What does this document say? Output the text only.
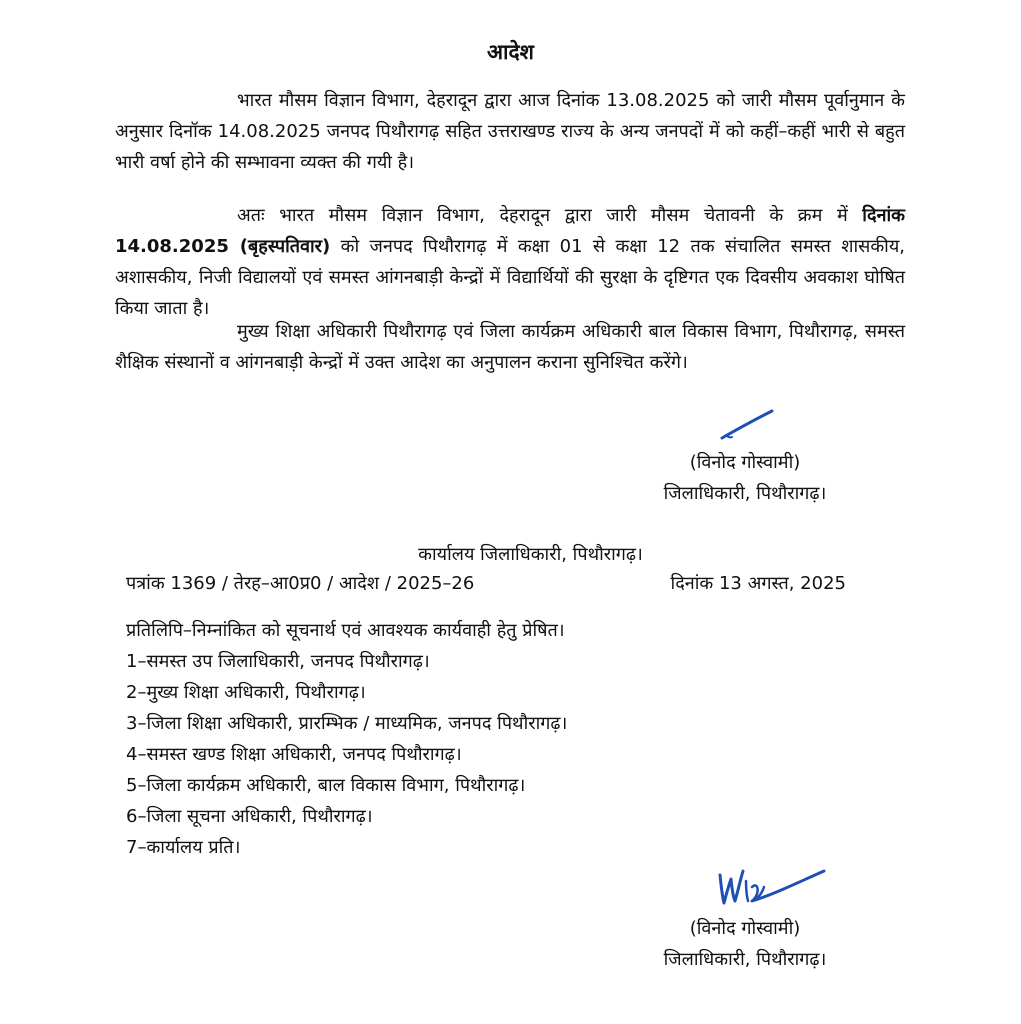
आदेश

भारत मौसम विज्ञान विभाग, देहरादून द्वारा आज दिनांक 13.08.2025 को जारी मौसम पूर्वानुमान के अनुसार दिनॉक 14.08.2025 जनपद पिथौरागढ़ सहित उत्तराखण्ड राज्य के अन्य जनपदों में को कहीं–कहीं भारी से बहुत भारी वर्षा होने की सम्भावना व्यक्त की गयी है।

अतः भारत मौसम विज्ञान विभाग, देहरादून द्वारा जारी मौसम चेतावनी के क्रम में दिनांक 14.08.2025 (बृहस्पतिवार) को जनपद पिथौरागढ़ में कक्षा 01 से कक्षा 12 तक संचालित समस्त शासकीय, अशासकीय, निजी विद्यालयों एवं समस्त आंगनबाड़ी केन्द्रों में विद्यार्थियों की सुरक्षा के दृष्टिगत एक दिवसीय अवकाश घोषित किया जाता है।

मुख्य शिक्षा अधिकारी पिथौरागढ़ एवं जिला कार्यक्रम अधिकारी बाल विकास विभाग, पिथौरागढ़, समस्त शैक्षिक संस्थानों व आंगनबाड़ी केन्द्रों में उक्त आदेश का अनुपालन कराना सुनिश्चित करेंगे।

(विनोद गोस्वामी)
जिलाधिकारी, पिथौरागढ़।
कार्यालय जिलाधिकारी, पिथौरागढ़।
पत्रांक 1369 / तेरह–आ0प्र0 / आदेश / 2025–26	दिनांक 13 अगस्त, 2025
प्रतिलिपि–निम्नांकित को सूचनार्थ एवं आवश्यक कार्यवाही हेतु प्रेषित।
1–समस्त उप जिलाधिकारी, जनपद पिथौरागढ़।
2–मुख्य शिक्षा अधिकारी, पिथौरागढ़।
3–जिला शिक्षा अधिकारी, प्रारम्भिक / माध्यमिक, जनपद पिथौरागढ़।
4–समस्त खण्ड शिक्षा अधिकारी, जनपद पिथौरागढ़।
5–जिला कार्यक्रम अधिकारी, बाल विकास विभाग, पिथौरागढ़।
6–जिला सूचना अधिकारी, पिथौरागढ़।
7–कार्यालय प्रति।
(विनोद गोस्वामी)
जिलाधिकारी, पिथौरागढ़।
